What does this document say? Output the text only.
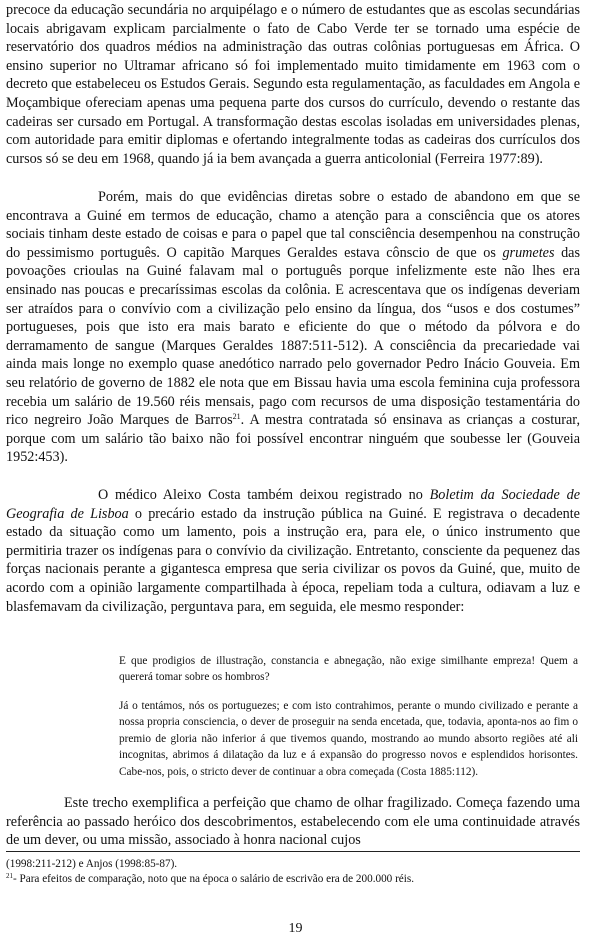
precoce da educação secundária no arquipélago e o número de estudantes que as escolas secundárias locais abrigavam explicam parcialmente o fato de Cabo Verde ter se tornado uma espécie de reservatório dos quadros médios na administração das outras colônias portuguesas em África. O ensino superior no Ultramar africano só foi implementado muito timidamente em 1963 com o decreto que estabeleceu os Estudos Gerais. Segundo esta regulamentação, as faculdades em Angola e Moçambique ofereciam apenas uma pequena parte dos cursos do currículo, devendo o restante das cadeiras ser cursado em Portugal. A transformação destas escolas isoladas em universidades plenas, com autoridade para emitir diplomas e ofertando integralmente todas as cadeiras dos currículos dos cursos só se deu em 1968, quando já ia bem avançada a guerra anticolonial (Ferreira 1977:89).

Porém, mais do que evidências diretas sobre o estado de abandono em que se encontrava a Guiné em termos de educação, chamo a atenção para a consciência que os atores sociais tinham deste estado de coisas e para o papel que tal consciência desempenhou na construção do pessimismo português. O capitão Marques Geraldes estava cônscio de que os grumetes das povoações crioulas na Guiné falavam mal o português porque infelizmente este não lhes era ensinado nas poucas e precaríssimas escolas da colônia. E acrescentava que os indígenas deveriam ser atraídos para o convívio com a civilização pelo ensino da língua, dos “usos e dos costumes” portugueses, pois que isto era mais barato e eficiente do que o método da pólvora e do derramamento de sangue (Marques Geraldes 1887:511-512). A consciência da precariedade vai ainda mais longe no exemplo quase anedótico narrado pelo governador Pedro Inácio Gouveia. Em seu relatório de governo de 1882 ele nota que em Bissau havia uma escola feminina cuja professora recebia um salário de 19.560 réis mensais, pago com recursos de uma disposição testamentária do rico negreiro João Marques de Barros$^{21}$. A mestra contratada só ensinava as crianças a costurar, porque com um salário tão baixo não foi possível encontrar ninguém que soubesse ler (Gouveia 1952:453).

O médico Aleixo Costa também deixou registrado no Boletim da Sociedade de Geografia de Lisboa o precário estado da instrução pública na Guiné. E registrava o decadente estado da situação como um lamento, pois a instrução era, para ele, o único instrumento que permitiria trazer os indígenas para o convívio da civilização. Entretanto, consciente da pequenez das forças nacionais perante a gigantesca empresa que seria civilizar os povos da Guiné, que, muito de acordo com a opinião largamente compartilhada à época, repeliam toda a cultura, odiavam a luz e blasfemavam da civilização, perguntava para, em seguida, ele mesmo responder:

E que prodigios de illustração, constancia e abnegação, não exige similhante empreza! Quem a quererá tomar sobre os hombros?

Já o tentámos, nós os portuguezes; e com isto contrahimos, perante o mundo civilizado e perante a nossa propria consciencia, o dever de proseguir na senda encetada, que, todavia, aponta-nos ao fim o premio de gloria não inferior á que tivemos quando, mostrando ao mundo absorto regiões até ali incognitas, abrimos á dilatação da luz e á expansão do progresso novos e esplendidos horisontes. Cabe-nos, pois, o stricto dever de continuar a obra começada (Costa 1885:112).

Este trecho exemplifica a perfeição que chamo de olhar fragilizado. Começa fazendo uma referência ao passado heróico dos descobrimentos, estabelecendo com ele uma continuidade através de um dever, ou uma missão, associado à honra nacional cujos

(1998:211-212) e Anjos (1998:85-87).

$^{21}$- Para efeitos de comparação, noto que na época o salário de escrivão era de 200.000 réis.

19
